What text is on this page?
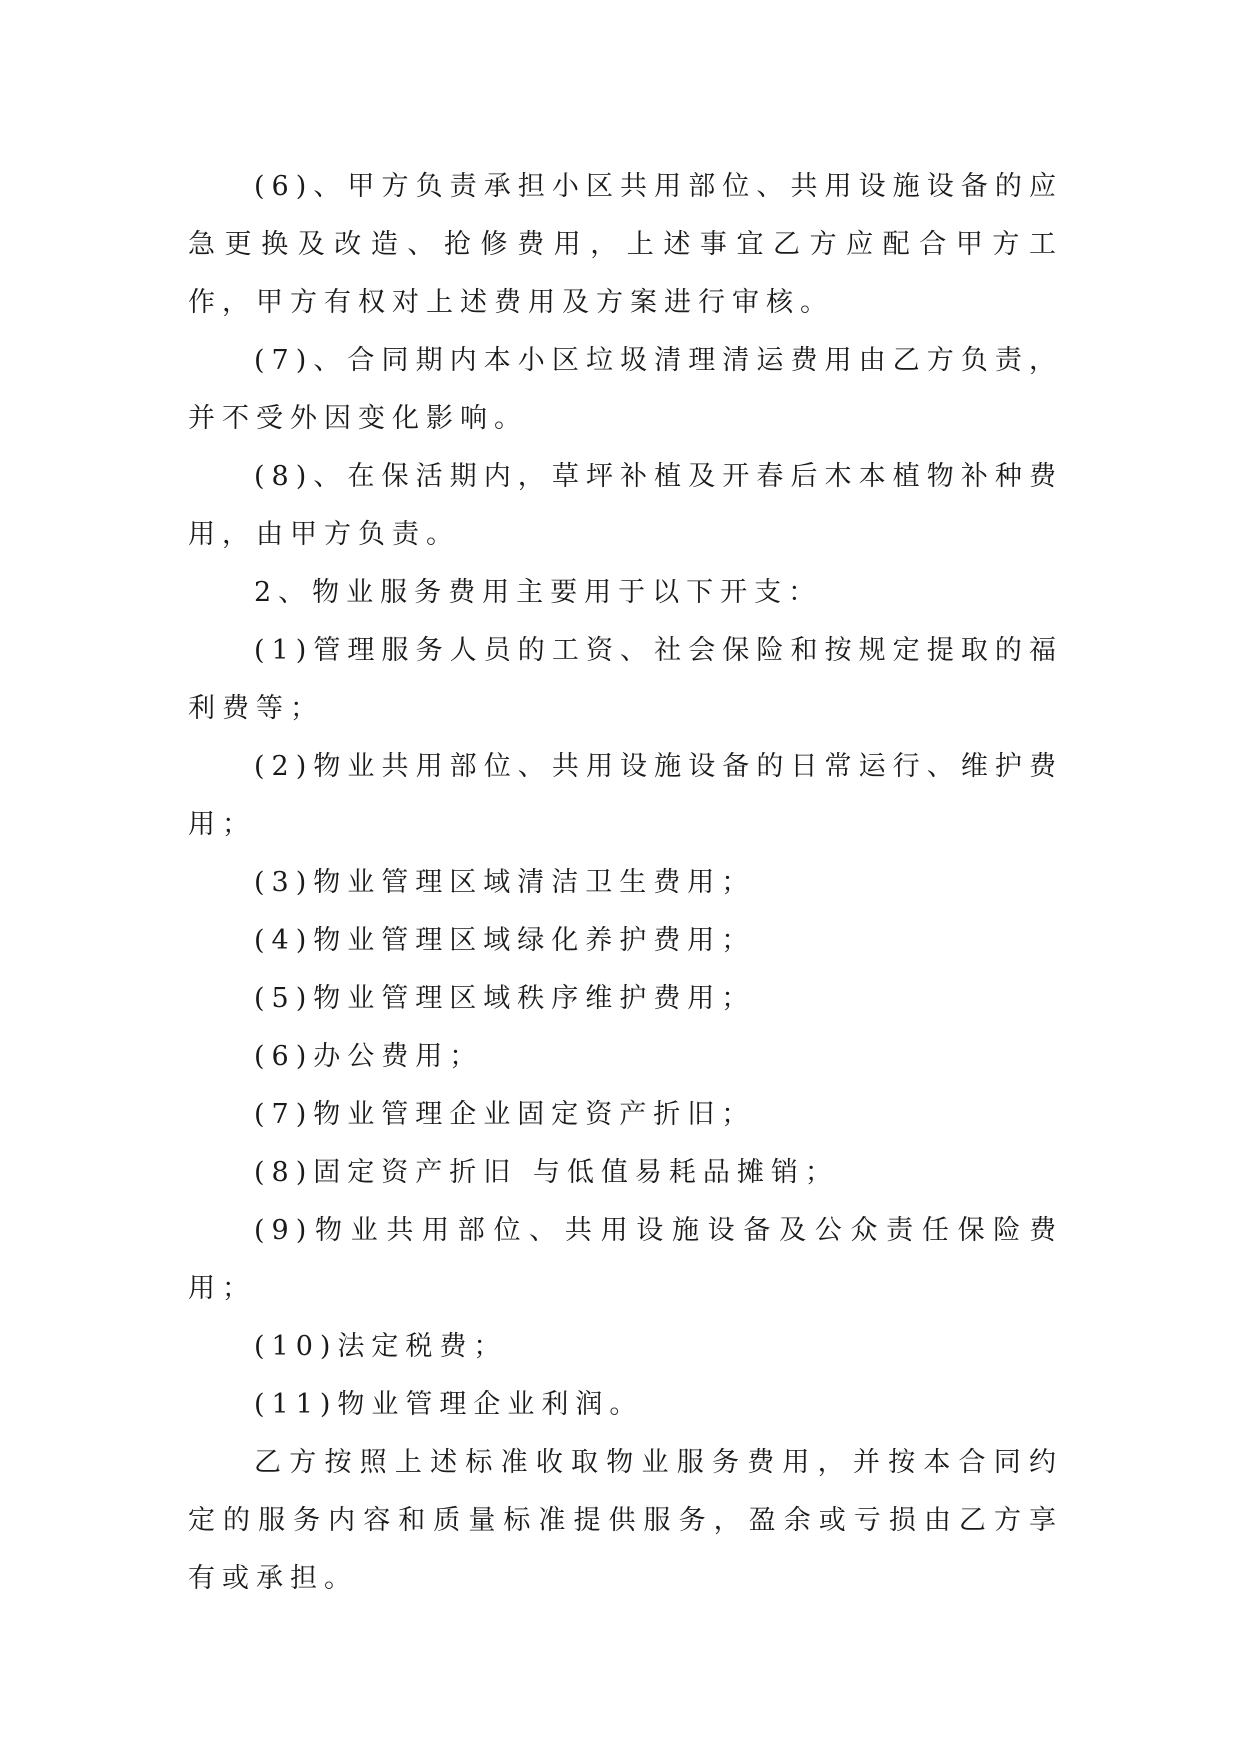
(6)、甲方负责承担小区共用部位、共用设施设备的应急更换及改造、抢修费用，上述事宜乙方应配合甲方工作，甲方有权对上述费用及方案进行审核。

(7)、合同期内本小区垃圾清理清运费用由乙方负责，并不受外因变化影响。

(8)、在保活期内，草坪补植及开春后木本植物补种费用，由甲方负责。

2、物业服务费用主要用于以下开支：

(1)管理服务人员的工资、社会保险和按规定提取的福利费等；

(2)物业共用部位、共用设施设备的日常运行、维护费用；

(3)物业管理区域清洁卫生费用；

(4)物业管理区域绿化养护费用；

(5)物业管理区域秩序维护费用；

(6)办公费用；

(7)物业管理企业固定资产折旧；

(8)固定资产折旧 与低值易耗品摊销；

(9)物业共用部位、共用设施设备及公众责任保险费用；

(10)法定税费；

(11)物业管理企业利润。

乙方按照上述标准收取物业服务费用，并按本合同约定的服务内容和质量标准提供服务，盈余或亏损由乙方享有或承担。
